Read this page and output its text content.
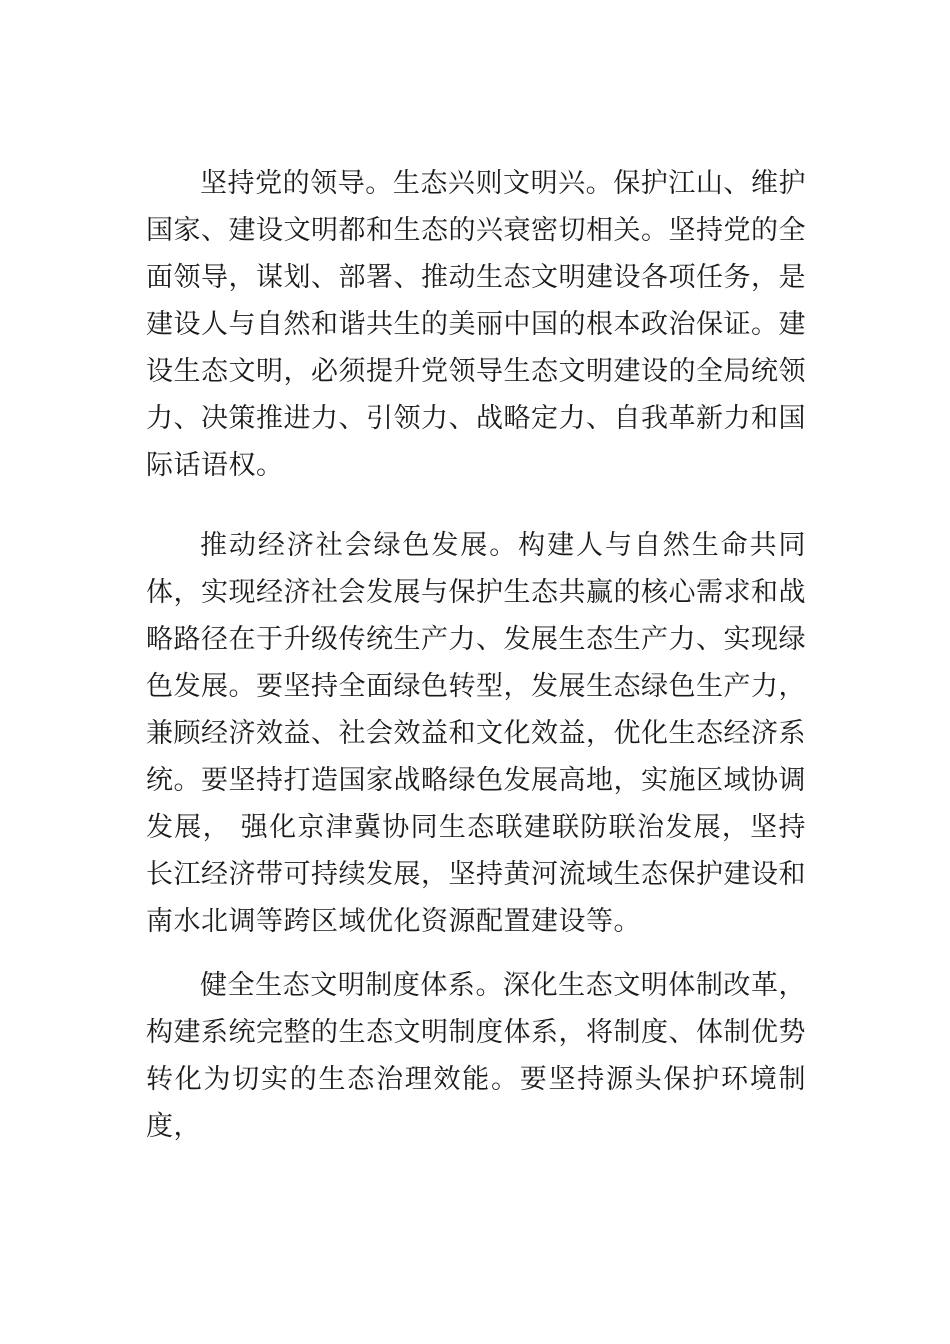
坚持党的领导。生态兴则文明兴。保护江山、维护国家、建设文明都和生态的兴衰密切相关。坚持党的全面领导，谋划、部署、推动生态文明建设各项任务，是建设人与自然和谐共生的美丽中国的根本政治保证。建设生态文明，必须提升党领导生态文明建设的全局统领力、决策推进力、引领力、战略定力、自我革新力和国际话语权。

推动经济社会绿色发展。构建人与自然生命共同体，实现经济社会发展与保护生态共赢的核心需求和战略路径在于升级传统生产力、发展生态生产力、实现绿色发展。要坚持全面绿色转型，发展生态绿色生产力，兼顾经济效益、社会效益和文化效益，优化生态经济系统。要坚持打造国家战略绿色发展高地，实施区域协调发展， 强化京津冀协同生态联建联防联治发展，坚持长江经济带可持续发展，坚持黄河流域生态保护建设和南水北调等跨区域优化资源配置建设等。

健全生态文明制度体系。深化生态文明体制改革，构建系统完整的生态文明制度体系，将制度、体制优势转化为切实的生态治理效能。要坚持源头保护环境制度，
